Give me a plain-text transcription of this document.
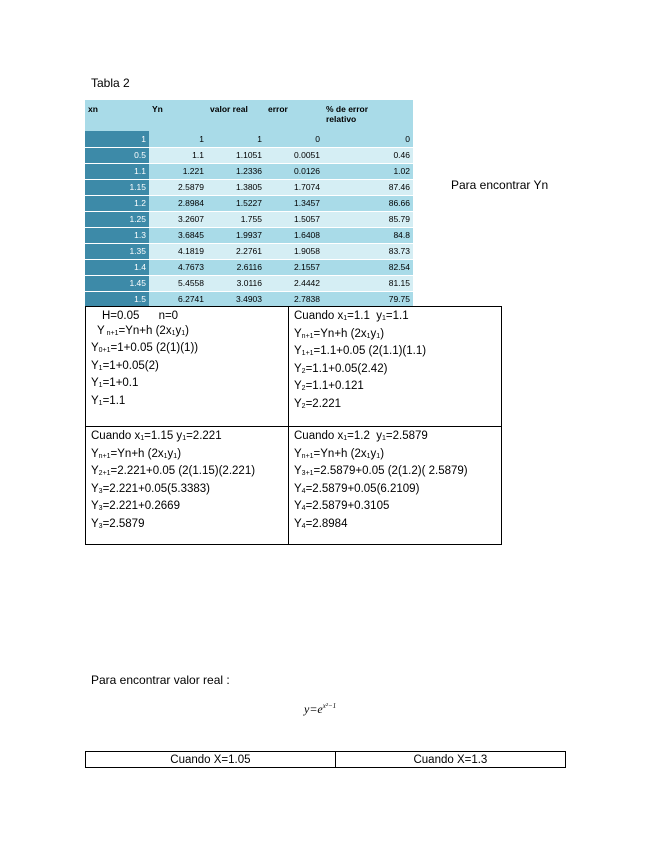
Tabla 2
xn	Yn	valor real	error	% de error
relativo
1	1	1	0	0
0.5	1.1	1.1051	0.0051	0.46
1.1	1.221	1.2336	0.0126	1.02
1.15	2.5879	1.3805	1.7074	87.46
1.2	2.8984	1.5227	1.3457	86.66
1.25	3.2607	1.755	1.5057	85.79
1.3	3.6845	1.9937	1.6408	84.8
1.35	4.1819	2.2761	1.9058	83.73
1.4	4.7673	2.6116	2.1557	82.54
1.45	5.4558	3.0116	2.4442	81.15
1.5	6.2741	3.4903	2.7838	79.75
Para encontrar Yn
H=0.05      n=0
Y $_{n+1}$=Yn+h $(2x_1y_1)$
$Y_{0+1}=1+0.05$ (2(1)(1))
$Y_1=1+0.05(2)$
$Y_1=1+0.1$
$Y_1=1.1$
Cuando $x_1=1.1$  $y_1=1.1$
$Y_{n+1}=Yn+h$ $(2x_1y_1)$
$Y_{1+1}=1.1+0.05$ (2(1.1)(1.1)
$Y_2=1.1+0.05(2.42)$
$Y_2=1.1+0.121$
$Y_2=2.221$
Cuando $x_1=1.15$ $y_1=2.221$
$Y_{n+1}=Yn+h$ $(2x_1y_1)$
$Y_{2+1}=2.221+0.05$ (2(1.15)(2.221)
$Y_3=2.221+0.05(5.3383)$
$Y_3=2.221+0.2669$
$Y_3=2.5879$
Cuando $x_1=1.2$  $y_1=2.5879$
$Y_{n+1}=Yn+h$ $(2x_1y_1)$
$Y_{3+1}=2.5879+0.05$ (2(1.2)( 2.5879)
$Y_4=2.5879+0.05(6.2109)$
$Y_4=2.5879+0.3105$
$Y_4=2.8984$
Para encontrar valor real :
$y=e^{x^2-1}$
Cuando X=1.05	Cuando X=1.3
